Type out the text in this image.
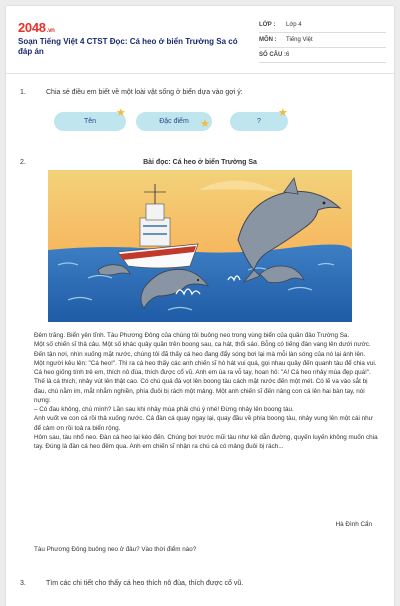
2048.vn
Soạn Tiếng Việt 4 CTST Đọc: Cá heo ở biển Trường Sa có đáp án
LỚP :	Lớp 4
MÔN :	Tiếng Việt
SỐ CÂU : 6
1.	Chia sẻ điều em biết về một loài vật sống ở biển dựa vào gợi ý:
Tên
★
Đặc điểm	★	?
★
2.	Bài đọc: Cá heo ở biển Trường Sa

Đêm trăng. Biển yên tĩnh. Tàu Phương Đông của chúng tôi buông neo trong vùng biển của quần đảo Trường Sa.

Một số chiến sĩ thả câu. Một số khác quây quần trên boong sau, ca hát, thổi sáo. Bỗng có tiếng đàn vang lên dưới nước. Đến tận nơi, nhìn xuống mặt nước, chúng tôi đã thấy cá heo đang đẩy sóng bơi lại mà mỗi làn sóng của nó lại ánh lên.

Một người kêu lên: "Cá heo!". Thì ra cá heo thấy các anh chiến sĩ hò hát vui quá, gọi nhau quây đến quanh tàu để chia vui.

Cá heo giống tính trẻ em, thích nô đùa, thích được cổ vũ. Anh em ùa ra vỗ tay, hoan hô: "A! Cá heo nhảy múa đẹp quá!". Thế là cá thích, nhảy vút lên thật cao. Có chú quá đà vọt lên boong tàu cách mặt nước đến một mét. Có lẽ va vào sắt bị đau, chú nằm im, mắt nhắm nghiền, phía đuôi bị rách một mảng. Một anh chiến sĩ đến nâng con cá lên hai bàn tay, nói nựng:

– Có đau không, chú mình? Lần sau khi nhảy múa phải chú ý nhé! Đừng nhảy lên boong tàu.

Anh vuốt ve con cá rồi thả xuống nước. Cá đàn cá quay ngay lại, quay đầu về phía boong tàu, nhảy vung lên một cái như để cảm ơn rồi toả ra biển rộng.

Hôm sau, tàu nhổ neo. Đàn cá heo lại kéo đến. Chúng bơi trước mũi tàu như kẻ dẫn đường, quyến luyến không muốn chia tay. Đúng là đàn cá heo đêm qua. Anh em chiến sĩ nhận ra chú cá có mảng đuôi bị rách...

Hà Đình Cẩn
Tàu Phương Đông buông neo ở đâu? Vào thời điểm nào?
3.	Tìm các chi tiết cho thấy cá heo thích nô đùa, thích được cổ vũ.
